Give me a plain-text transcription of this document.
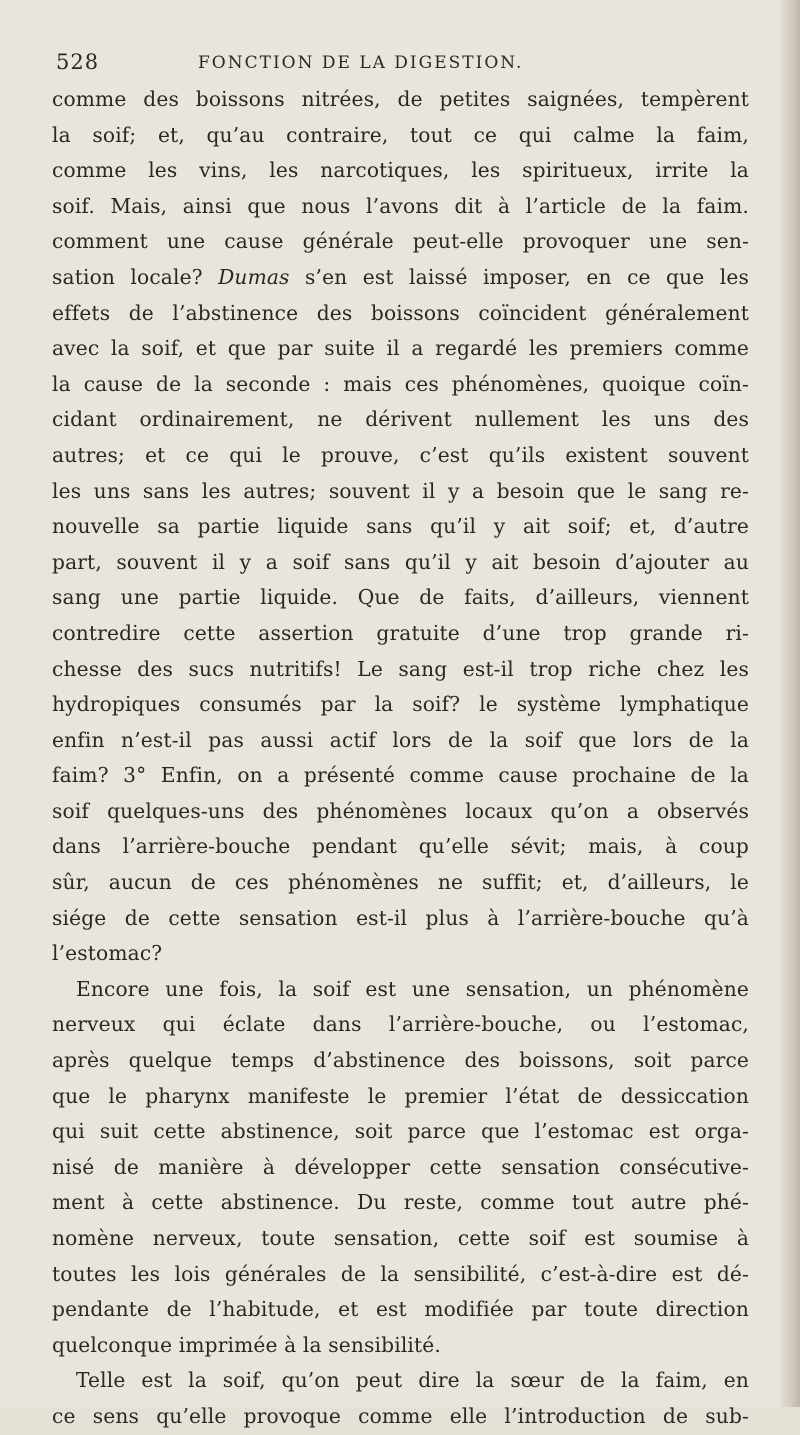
528	FONCTION DE LA DIGESTION.
comme des boissons nitrées, de petites saignées, tempèrent
la soif; et, qu’au contraire, tout ce qui calme la faim,
comme les vins, les narcotiques, les spiritueux, irrite la
soif. Mais, ainsi que nous l’avons dit à l’article de la faim.
comment une cause générale peut-elle provoquer une sen-
sation locale? Dumas s’en est laissé imposer, en ce que les
effets de l’abstinence des boissons coïncident généralement
avec la soif, et que par suite il a regardé les premiers comme
la cause de la seconde : mais ces phénomènes, quoique coïn-
cidant ordinairement, ne dérivent nullement les uns des
autres; et ce qui le prouve, c’est qu’ils existent souvent
les uns sans les autres; souvent il y a besoin que le sang re-
nouvelle sa partie liquide sans qu’il y ait soif; et, d’autre
part, souvent il y a soif sans qu’il y ait besoin d’ajouter au
sang une partie liquide. Que de faits, d’ailleurs, viennent
contredire cette assertion gratuite d’une trop grande ri-
chesse des sucs nutritifs! Le sang est-il trop riche chez les
hydropiques consumés par la soif? le système lymphatique
enfin n’est-il pas aussi actif lors de la soif que lors de la
faim? 3° Enfin, on a présenté comme cause prochaine de la
soif quelques-uns des phénomènes locaux qu’on a observés
dans l’arrière-bouche pendant qu’elle sévit; mais, à coup
sûr, aucun de ces phénomènes ne suffit; et, d’ailleurs, le
siége de cette sensation est-il plus à l’arrière-bouche qu’à
l’estomac?
Encore une fois, la soif est une sensation, un phénomène
nerveux qui éclate dans l’arrière-bouche, ou l’estomac,
après quelque temps d’abstinence des boissons, soit parce
que le pharynx manifeste le premier l’état de dessiccation
qui suit cette abstinence, soit parce que l’estomac est orga-
nisé de manière à développer cette sensation consécutive-
ment à cette abstinence. Du reste, comme tout autre phé-
nomène nerveux, toute sensation, cette soif est soumise à
toutes les lois générales de la sensibilité, c’est-à-dire est dé-
pendante de l’habitude, et est modifiée par toute direction
quelconque imprimée à la sensibilité.
Telle est la soif, qu’on peut dire la sœur de la faim, en
ce sens qu’elle provoque comme elle l’introduction de sub-
